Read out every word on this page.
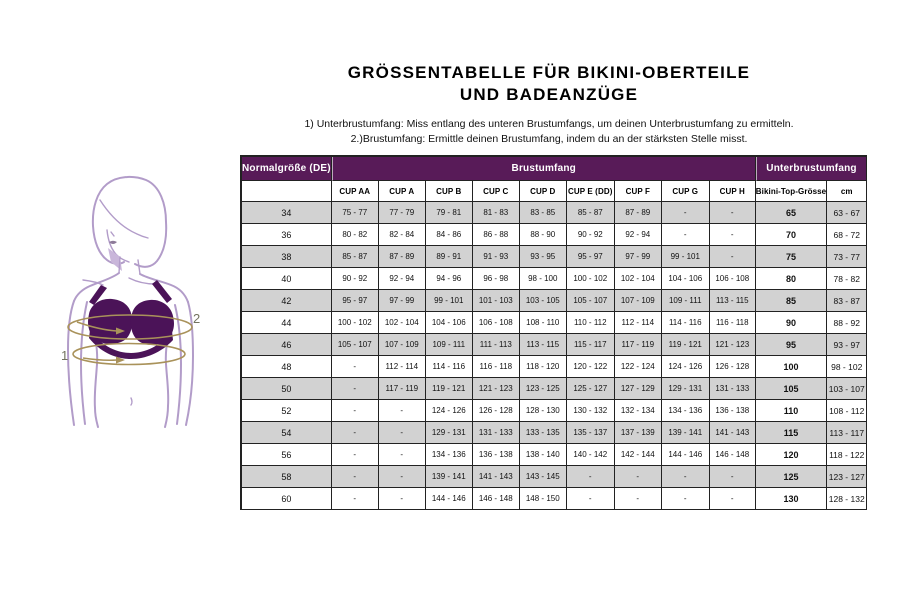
GRÖSSENTABELLE FÜR BIKINI-OBERTEILE
UND BADEANZÜGE
1) Unterbrustumfang: Miss entlang des unteren Brustumfangs, um deinen Unterbrustumfang zu ermitteln.
2.)Brustumfang: Ermittle deinen Brustumfang, indem du an der stärksten Stelle misst.
1
2
Normalgröße (DE)	Brustumfang									Unterbrustumfang	
	CUP AA	CUP A	CUP B	CUP C	CUP D	CUP E (DD)	CUP F	CUP G	CUP H	Bikini-Top-Grösse	cm
34	75 - 77	77 - 79	79 - 81	81 - 83	83 - 85	85 - 87	87 - 89	-	-	65	63 - 67
36	80 - 82	82 - 84	84 - 86	86 - 88	88 - 90	90 - 92	92 - 94	-	-	70	68 - 72
38	85 - 87	87 - 89	89 - 91	91 - 93	93 - 95	95 - 97	97 - 99	99 - 101	-	75	73 - 77
40	90 - 92	92 - 94	94 - 96	96 - 98	98 - 100	100 - 102	102 - 104	104 - 106	106 - 108	80	78 - 82
42	95 - 97	97 - 99	99 - 101	101 - 103	103 - 105	105 - 107	107 - 109	109 - 111	113 - 115	85	83 - 87
44	100 - 102	102 - 104	104 - 106	106 - 108	108 - 110	110 - 112	112 - 114	114 - 116	116 - 118	90	88 - 92
46	105 - 107	107 - 109	109 - 111	111 - 113	113 - 115	115 - 117	117 - 119	119 - 121	121 - 123	95	93 - 97
48	-	112 - 114	114 - 116	116 - 118	118 - 120	120 - 122	122 - 124	124 - 126	126 - 128	100	98 - 102
50	-	117 - 119	119 - 121	121 - 123	123 - 125	125 - 127	127 - 129	129 - 131	131 - 133	105	103 - 107
52	-	-	124 - 126	126 - 128	128 - 130	130 - 132	132 - 134	134 - 136	136 - 138	110	108 - 112
54	-	-	129 - 131	131 - 133	133 - 135	135 - 137	137 - 139	139 - 141	141 - 143	115	113 - 117
56	-	-	134 - 136	136 - 138	138 - 140	140 - 142	142 - 144	144 - 146	146 - 148	120	118 - 122
58	-	-	139 - 141	141 - 143	143 - 145	-	-	-	-	125	123 - 127
60	-	-	144 - 146	146 - 148	148 - 150	-	-	-	-	130	128 - 132
